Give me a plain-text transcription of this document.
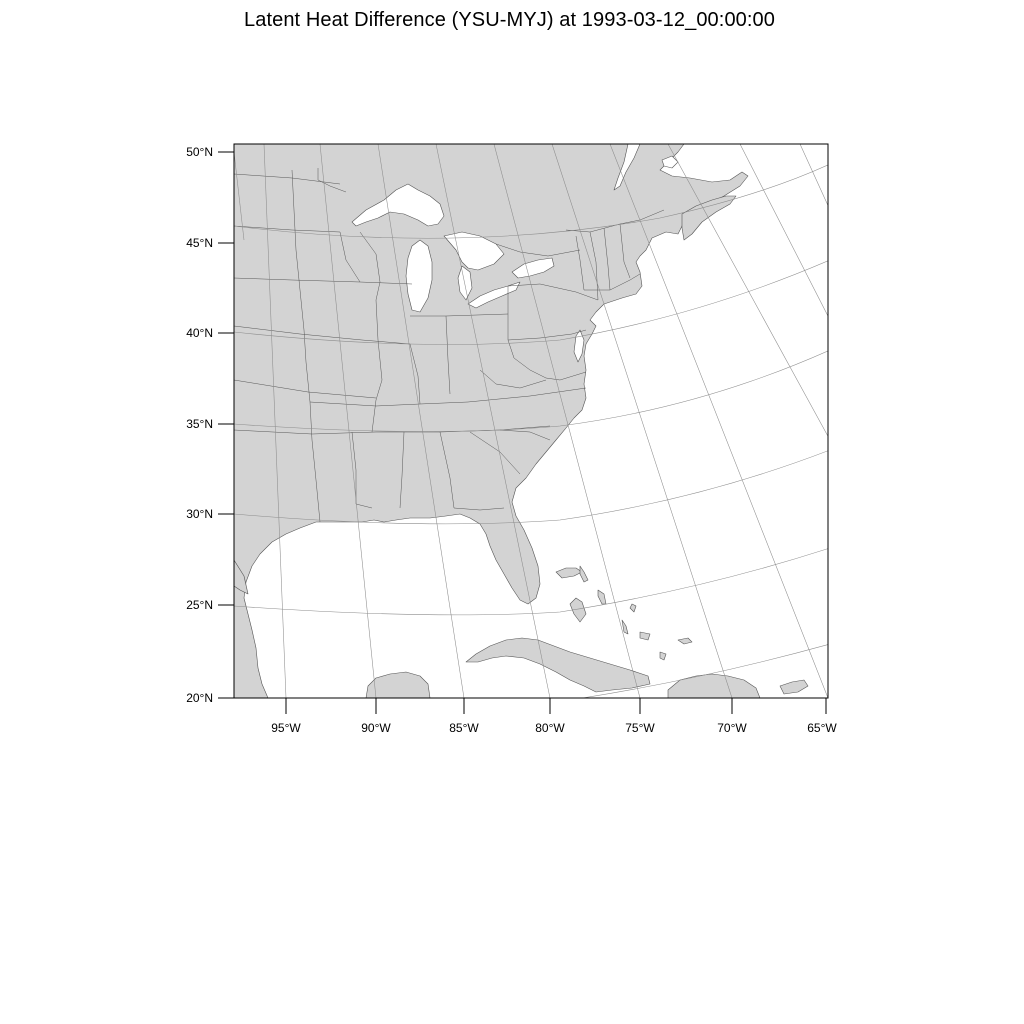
Latent Heat Difference (YSU-MYJ) at 1993-03-12_00:00:00
50°N
45°N
40°N
35°N
30°N
25°N
20°N
95°W	90°W	85°W	80°W	75°W	70°W	65°W
